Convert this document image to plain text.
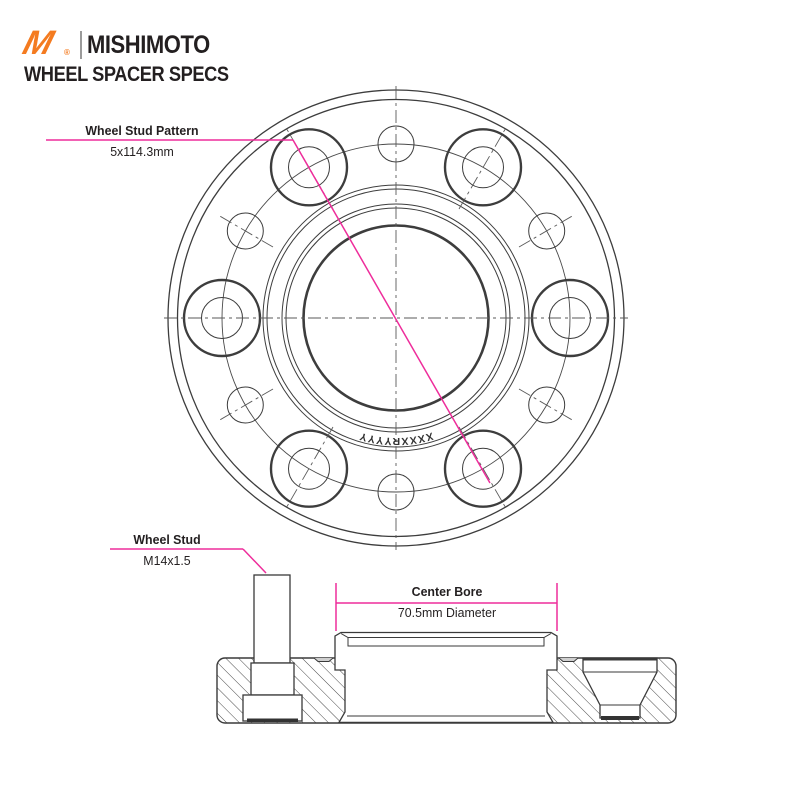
XXXXRYYYY
M ® MISHIMOTO
WHEEL SPACER SPECS
Wheel Stud Pattern
5x114.3mm
Wheel Stud
M14x1.5
Center Bore
70.5mm Diameter
